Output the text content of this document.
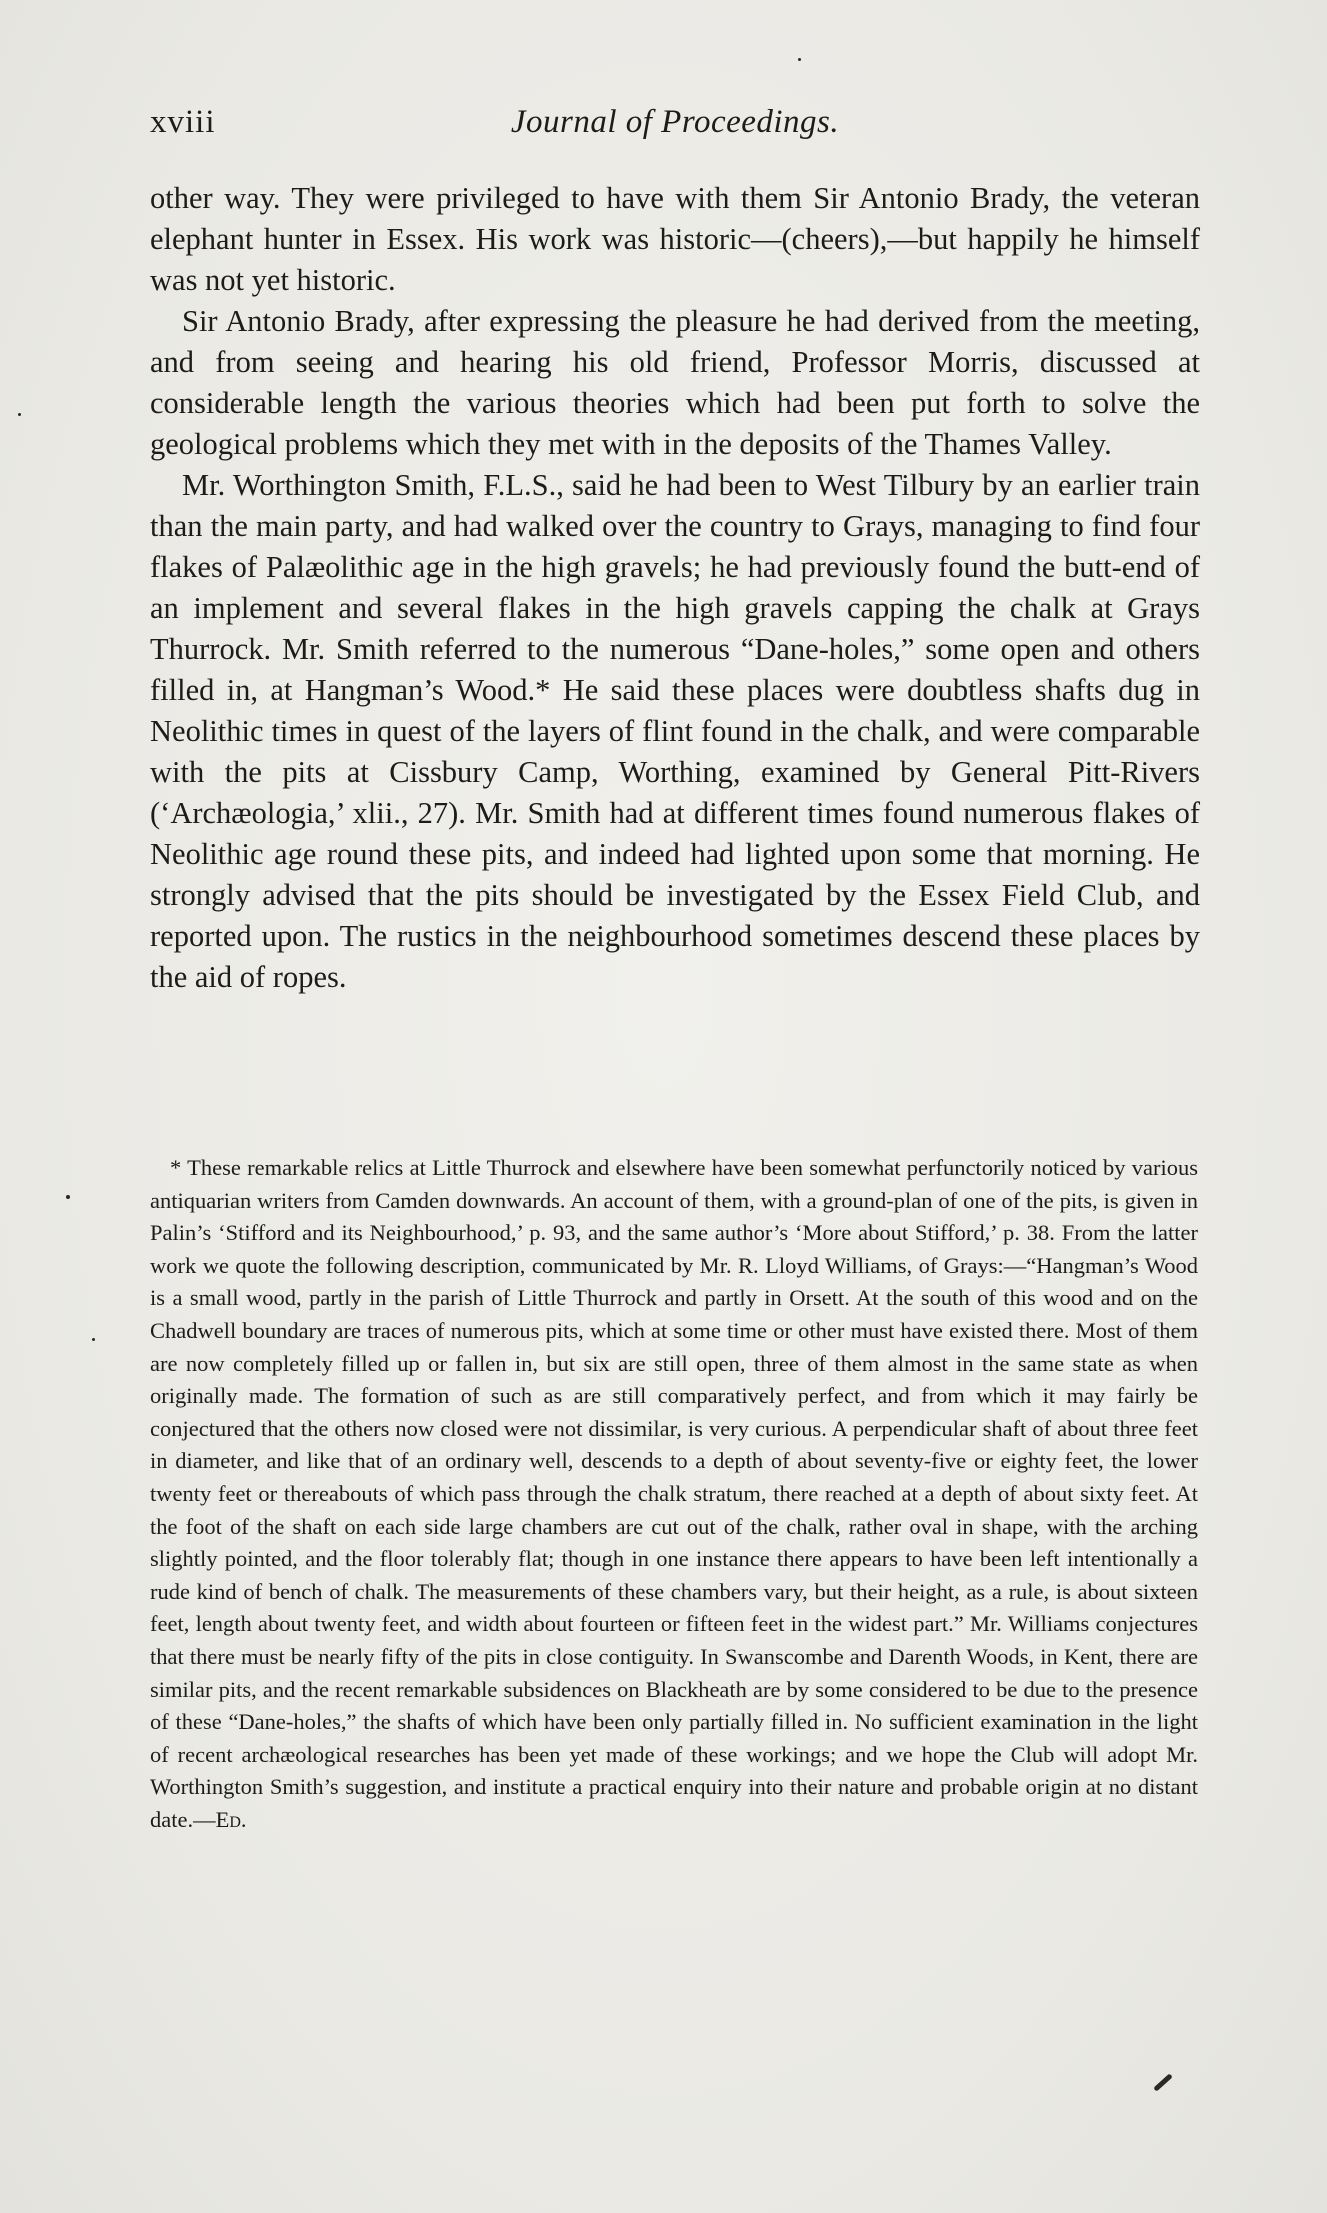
xviii	Journal of Proceedings.

other way. They were privileged to have with them Sir Antonio Brady, the veteran elephant hunter in Essex. His work was historic—(cheers),—but happily he himself was not yet historic.

Sir Antonio Brady, after expressing the pleasure he had derived from the meeting, and from seeing and hearing his old friend, Professor Morris, discussed at considerable length the various theories which had been put forth to solve the geological problems which they met with in the deposits of the Thames Valley.

Mr. Worthington Smith, F.L.S., said he had been to West Tilbury by an earlier train than the main party, and had walked over the country to Grays, managing to find four flakes of Palæolithic age in the high gravels; he had previously found the butt-end of an implement and several flakes in the high gravels capping the chalk at Grays Thurrock. Mr. Smith referred to the numerous “Dane-holes,” some open and others filled in, at Hangman’s Wood.* He said these places were doubtless shafts dug in Neolithic times in quest of the layers of flint found in the chalk, and were comparable with the pits at Cissbury Camp, Worthing, examined by General Pitt-Rivers (‘Archæologia,’ xlii., 27). Mr. Smith had at different times found numerous flakes of Neolithic age round these pits, and indeed had lighted upon some that morning. He strongly advised that the pits should be investigated by the Essex Field Club, and reported upon. The rustics in the neighbourhood sometimes descend these places by the aid of ropes.

* These remarkable relics at Little Thurrock and elsewhere have been somewhat perfunctorily noticed by various antiquarian writers from Camden downwards. An account of them, with a ground-plan of one of the pits, is given in Palin’s ‘Stifford and its Neighbourhood,’ p. 93, and the same author’s ‘More about Stifford,’ p. 38. From the latter work we quote the following description, communicated by Mr. R. Lloyd Williams, of Grays:—“Hangman’s Wood is a small wood, partly in the parish of Little Thurrock and partly in Orsett. At the south of this wood and on the Chadwell boundary are traces of numerous pits, which at some time or other must have existed there. Most of them are now completely filled up or fallen in, but six are still open, three of them almost in the same state as when originally made. The formation of such as are still comparatively perfect, and from which it may fairly be conjectured that the others now closed were not dissimilar, is very curious. A perpendicular shaft of about three feet in diameter, and like that of an ordinary well, descends to a depth of about seventy-five or eighty feet, the lower twenty feet or thereabouts of which pass through the chalk stratum, there reached at a depth of about sixty feet. At the foot of the shaft on each side large chambers are cut out of the chalk, rather oval in shape, with the arching slightly pointed, and the floor tolerably flat; though in one instance there appears to have been left intentionally a rude kind of bench of chalk. The measurements of these chambers vary, but their height, as a rule, is about sixteen feet, length about twenty feet, and width about fourteen or fifteen feet in the widest part.” Mr. Williams conjectures that there must be nearly fifty of the pits in close contiguity. In Swanscombe and Darenth Woods, in Kent, there are similar pits, and the recent remarkable subsidences on Blackheath are by some considered to be due to the presence of these “Dane-holes,” the shafts of which have been only partially filled in. No sufficient examination in the light of recent archæological researches has been yet made of these workings; and we hope the Club will adopt Mr. Worthington Smith’s suggestion, and institute a practical enquiry into their nature and probable origin at no distant date.—Ed.
